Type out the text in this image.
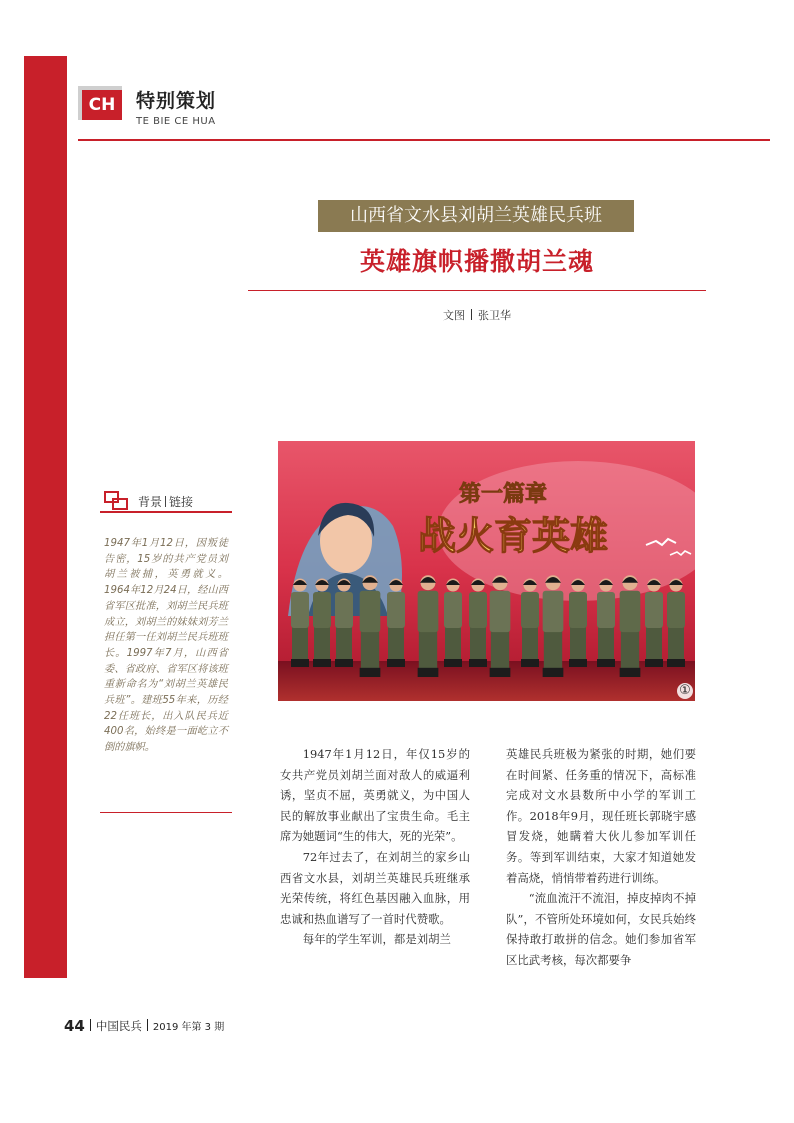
CH	特别策划
TE BIE CE HUA
山西省文水县刘胡兰英雄民兵班
英雄旗帜播撒胡兰魂
文图 张卫华
背景 链接
1947年1月12日，因叛徒告密，15岁的共产党员刘胡兰被捕，英勇就义。1964年12月24日，经山西省军区批准，刘胡兰民兵班成立，刘胡兰的妹妹刘芳兰担任第一任刘胡兰民兵班班长。1997年7月，山西省委、省政府、省军区将该班重新命名为“刘胡兰英雄民兵班”。建班55年来，历经22任班长，出入队民兵近400名，始终是一面屹立不倒的旗帜。
第一篇章
战火育英雄
①

1947年1月12日，年仅15岁的女共产党员刘胡兰面对敌人的威逼利诱，坚贞不屈，英勇就义，为中国人民的解放事业献出了宝贵生命。毛主席为她题词“生的伟大，死的光荣”。

72年过去了，在刘胡兰的家乡山西省文水县，刘胡兰英雄民兵班继承光荣传统，将红色基因融入血脉，用忠诚和热血谱写了一首时代赞歌。

每年的学生军训，都是刘胡兰

英雄民兵班极为紧张的时期，她们要在时间紧、任务重的情况下，高标准完成对文水县数所中小学的军训工作。2018年9月，现任班长郭晓宇感冒发烧，她瞒着大伙儿参加军训任务。等到军训结束，大家才知道她发着高烧，悄悄带着药进行训练。

“流血流汗不流泪，掉皮掉肉不掉队”，不管所处环境如何，女民兵始终保持敢打敢拼的信念。她们参加省军区比武考核，每次都要争

44 中国民兵 2019 年第 3 期
